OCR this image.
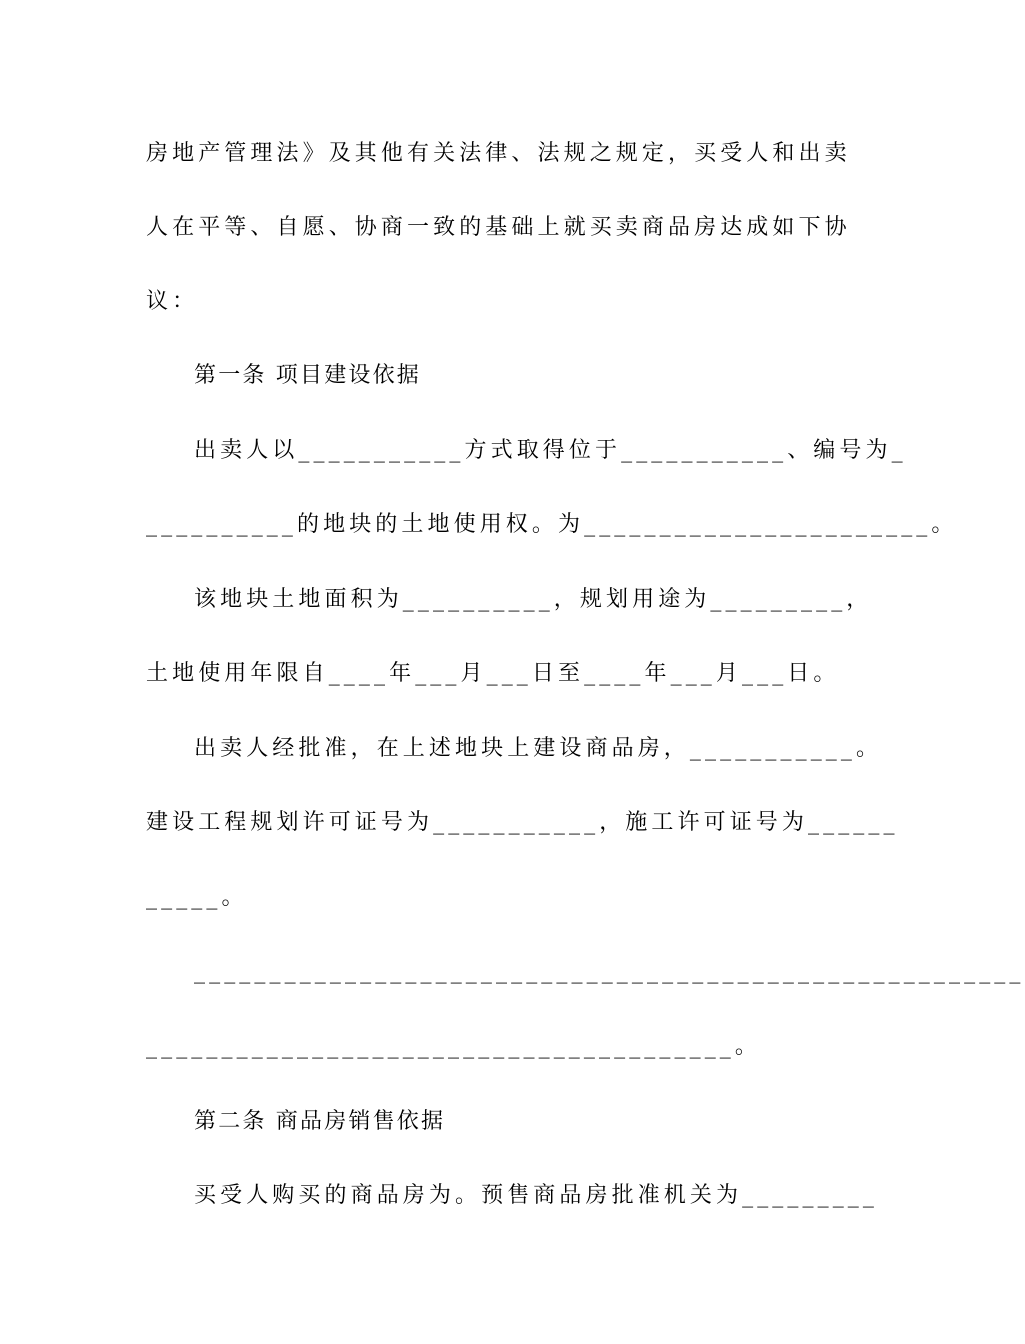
房地产管理法》及其他有关法律、法规之规定，买受人和出卖
人在平等、自愿、协商一致的基础上就买卖商品房达成如下协
议：
第一条 项目建设依据
出卖人以___________方式取得位于___________、编号为_
__________的地块的土地使用权。为_______________________。
该地块土地面积为__________，规划用途为_________，
土地使用年限自____年___月___日至____年___月___日。
出卖人经批准，在上述地块上建设商品房，___________。
建设工程规划许可证号为___________，施工许可证号为______
_____。
_______________________________________________________
_______________________________________。
第二条 商品房销售依据
买受人购买的商品房为。预售商品房批准机关为_________
